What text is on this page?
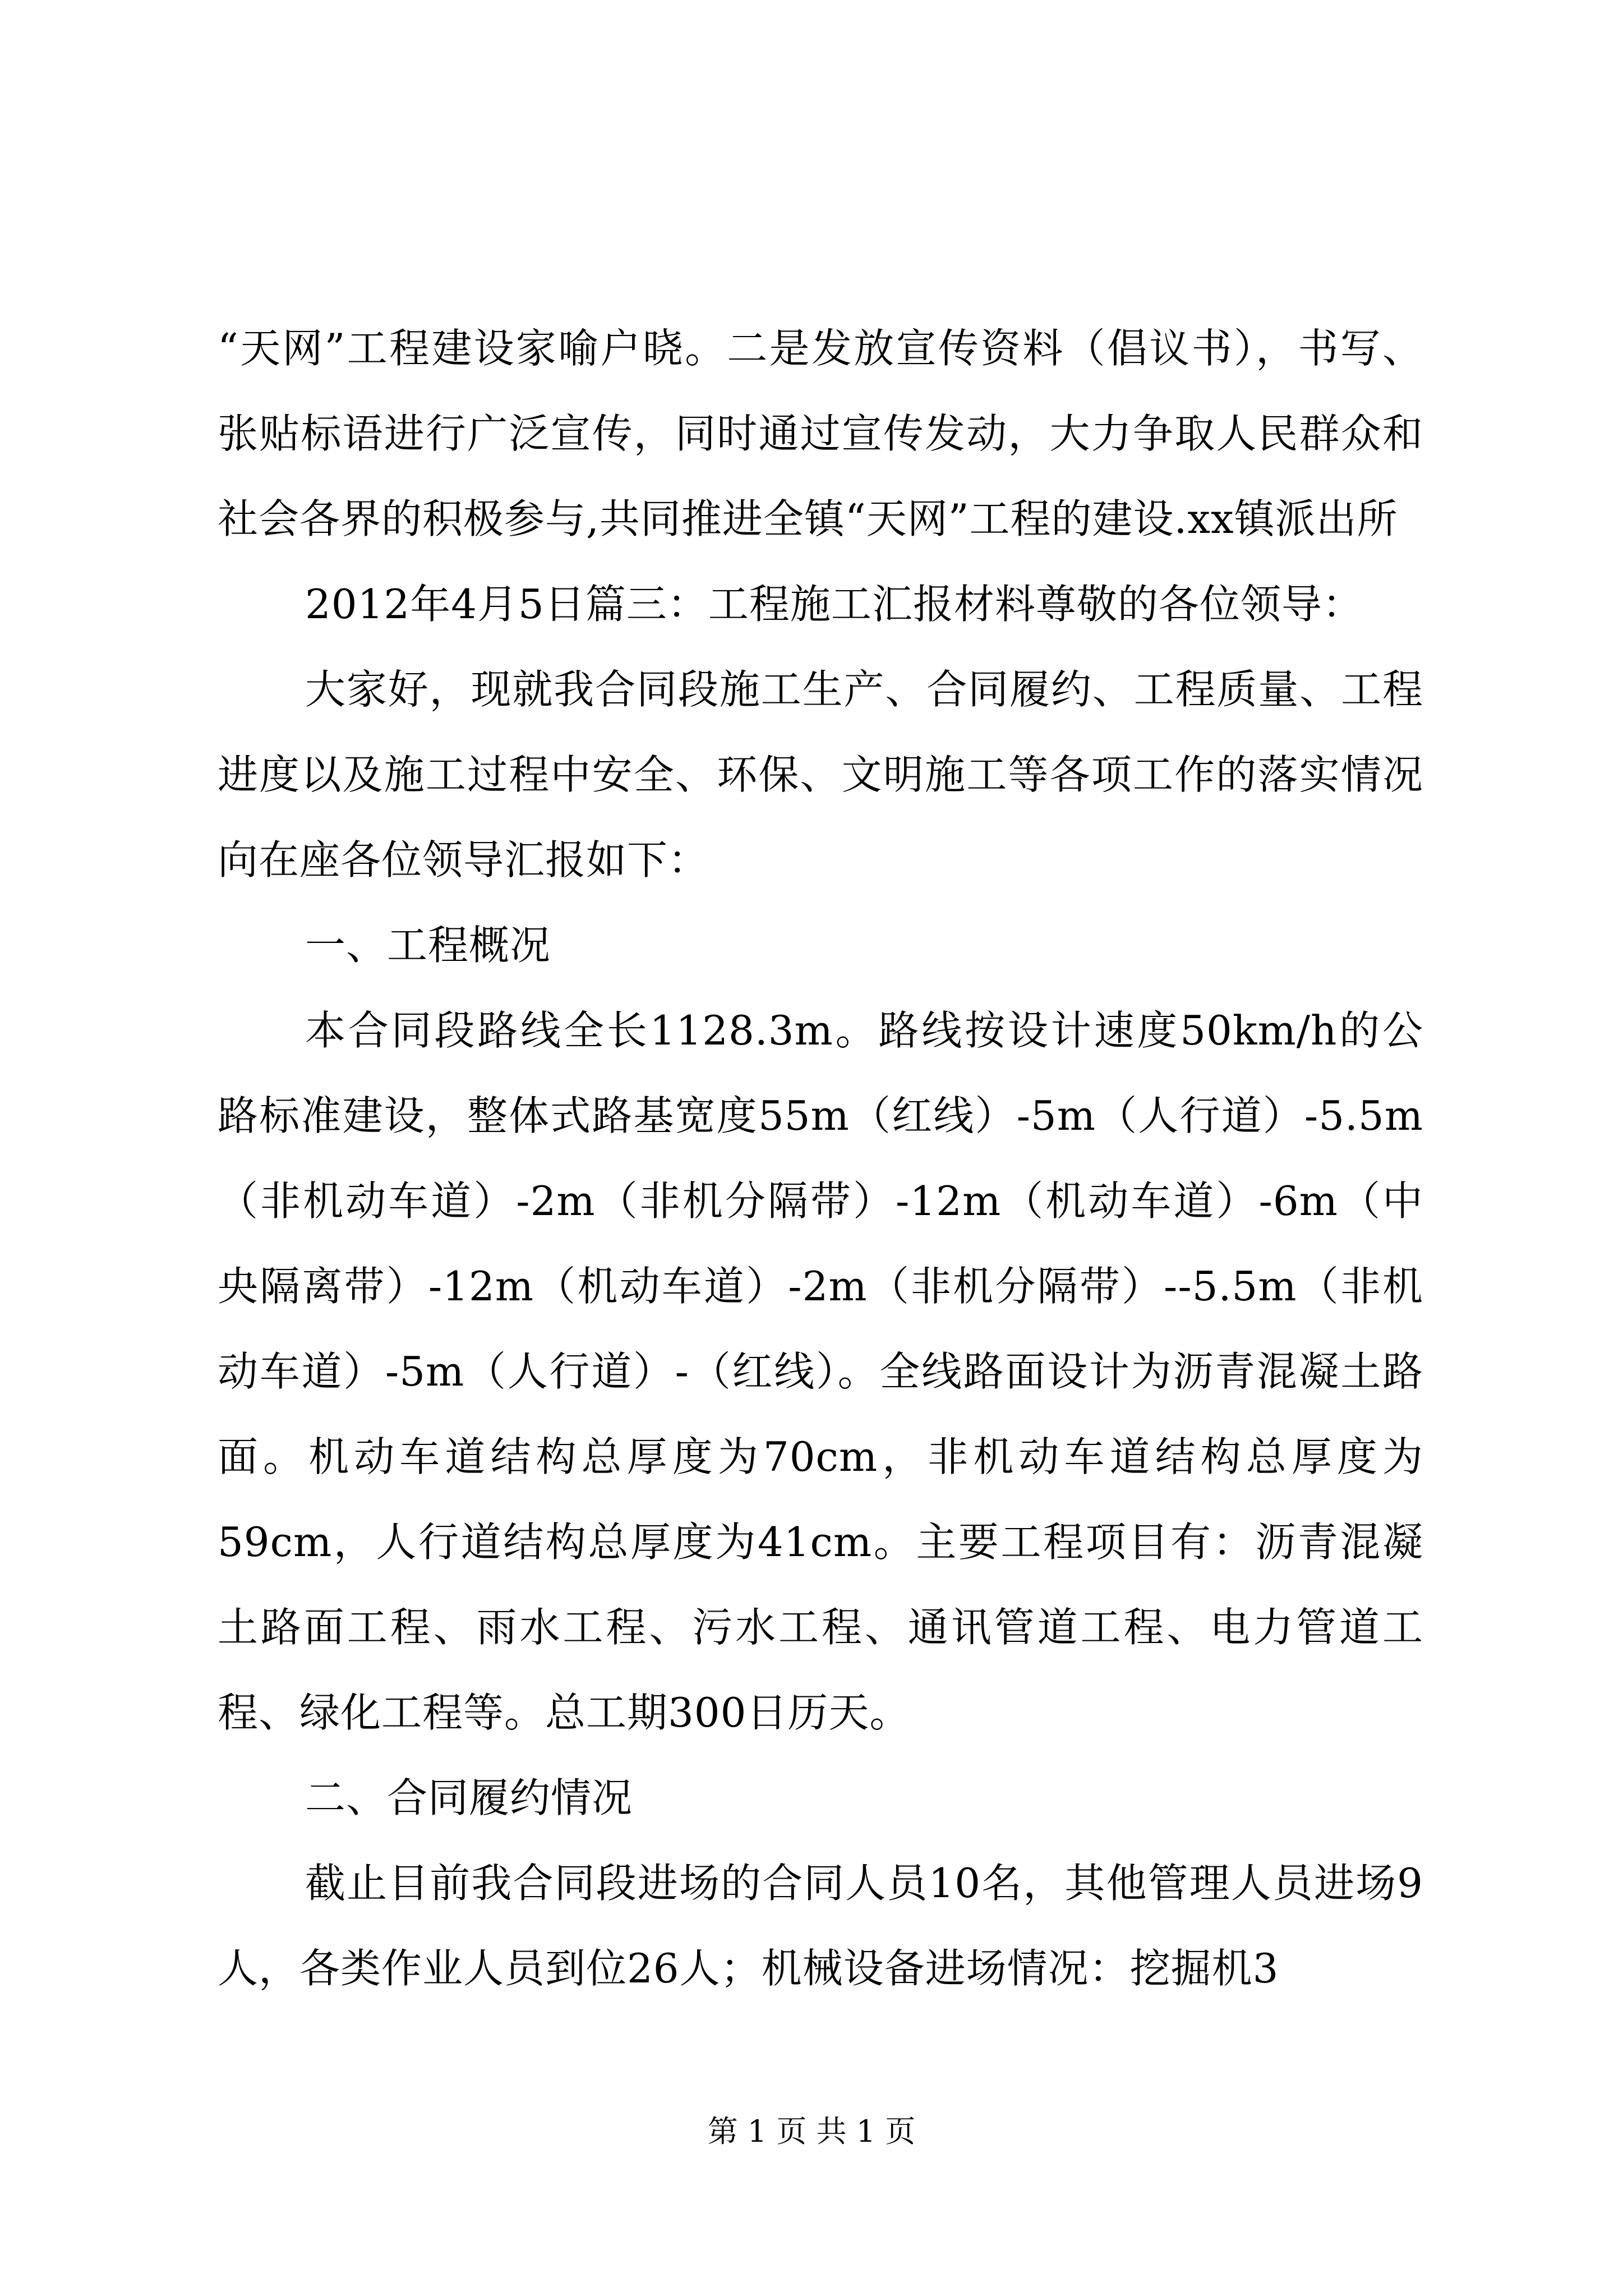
“天网”工程建设家喻户晓。二是发放宣传资料（倡议书），书写、张贴标语进行广泛宣传，同时通过宣传发动，大力争取人民群众和社会各界的积极参与,共同推进全镇“天网”工程的建设.xx镇派出所

2012年4月5日篇三：工程施工汇报材料尊敬的各位领导：

大家好，现就我合同段施工生产、合同履约、工程质量、工程进度以及施工过程中安全、环保、文明施工等各项工作的落实情况向在座各位领导汇报如下：

一、工程概况

本合同段路线全长1128.3m。路线按设计速度50km/h的公路标准建设，整体式路基宽度55m（红线）-5m（人行道）-5.5m（非机动车道）-2m（非机分隔带）-12m（机动车道）-6m（中央隔离带）-12m（机动车道）-2m（非机分隔带）--5.5m（非机动车道）-5m（人行道）-（红线）。全线路面设计为沥青混凝土路面。机动车道结构总厚度为70cm，非机动车道结构总厚度为59cm，人行道结构总厚度为41cm。主要工程项目有：沥青混凝土路面工程、雨水工程、污水工程、通讯管道工程、电力管道工程、绿化工程等。总工期300日历天。

二、合同履约情况

截止目前我合同段进场的合同人员10名，其他管理人员进场9人，各类作业人员到位26人；机械设备进场情况：挖掘机3

第 1 页 共 1 页
